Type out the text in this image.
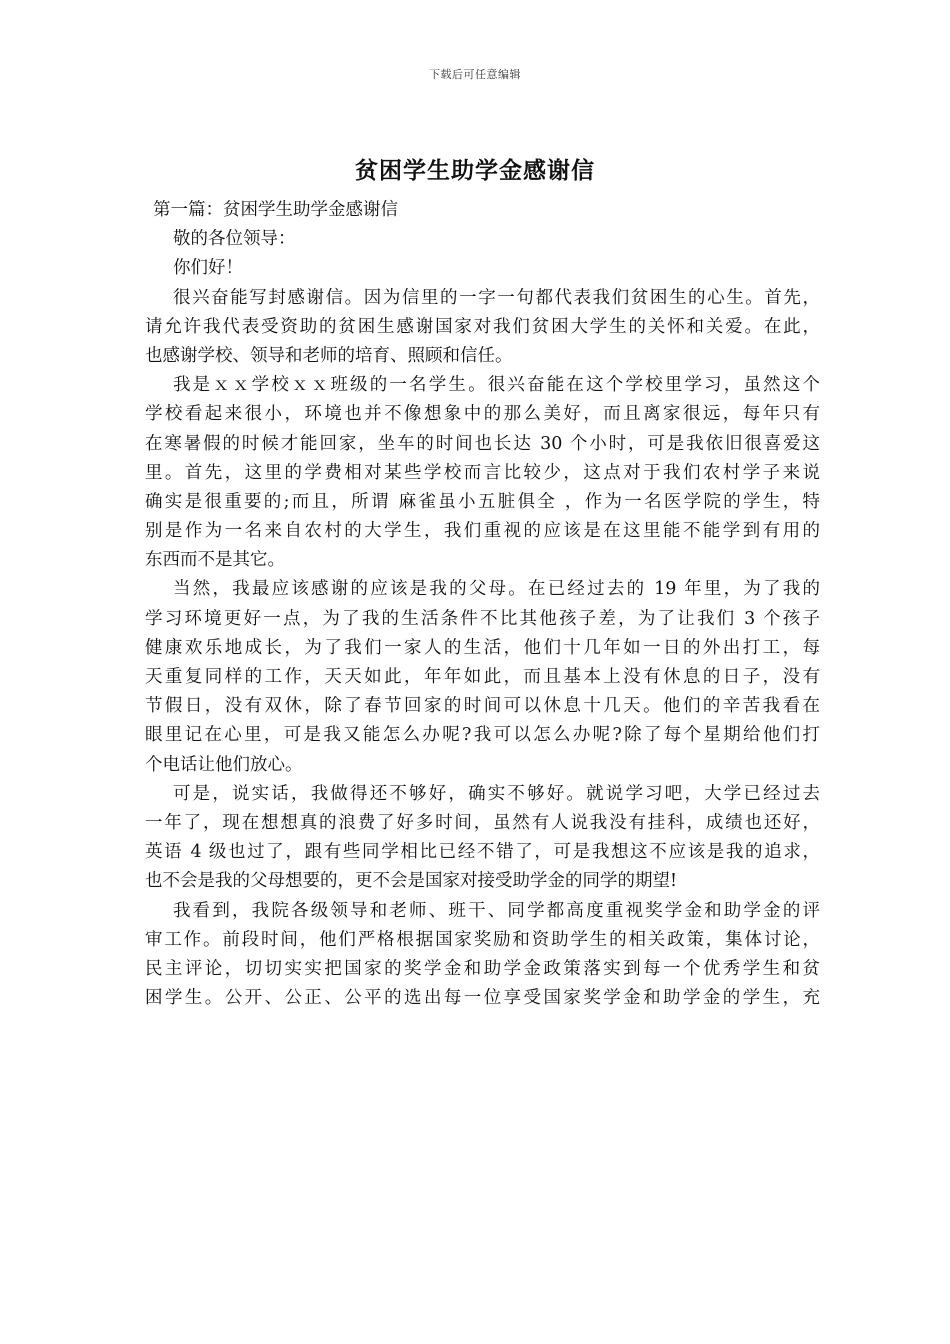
下载后可任意编辑
贫困学生助学金感谢信
第一篇：贫困学生助学金感谢信
敬的各位领导：
你们好！
很兴奋能写封感谢信。因为信里的一字一句都代表我们贫困生的心生。首先，
请允许我代表受资助的贫困生感谢国家对我们贫困大学生的关怀和关爱。在此，
也感谢学校、领导和老师的培育、照顾和信任。
我是ｘｘ学校ｘｘ班级的一名学生。很兴奋能在这个学校里学习，虽然这个
学校看起来很小，环境也并不像想象中的那么美好，而且离家很远，每年只有
在寒暑假的时候才能回家，坐车的时间也长达 30 个小时，可是我依旧很喜爱这
里。首先，这里的学费相对某些学校而言比较少，这点对于我们农村学子来说
确实是很重要的;而且，所谓 麻雀虽小五脏俱全 ，作为一名医学院的学生，特
别是作为一名来自农村的大学生，我们重视的应该是在这里能不能学到有用的
东西而不是其它。
当然，我最应该感谢的应该是我的父母。在已经过去的 19 年里，为了我的
学习环境更好一点，为了我的生活条件不比其他孩子差，为了让我们 3 个孩子
健康欢乐地成长，为了我们一家人的生活，他们十几年如一日的外出打工，每
天重复同样的工作，天天如此，年年如此，而且基本上没有休息的日子，没有
节假日，没有双休，除了春节回家的时间可以休息十几天。他们的辛苦我看在
眼里记在心里，可是我又能怎么办呢?我可以怎么办呢?除了每个星期给他们打
个电话让他们放心。
可是，说实话，我做得还不够好，确实不够好。就说学习吧，大学已经过去
一年了，现在想想真的浪费了好多时间，虽然有人说我没有挂科，成绩也还好，
英语 4 级也过了，跟有些同学相比已经不错了，可是我想这不应该是我的追求，
也不会是我的父母想要的，更不会是国家对接受助学金的同学的期望!
我看到，我院各级领导和老师、班干、同学都高度重视奖学金和助学金的评
审工作。前段时间，他们严格根据国家奖励和资助学生的相关政策，集体讨论，
民主评论，切切实实把国家的奖学金和助学金政策落实到每一个优秀学生和贫
困学生。公开、公正、公平的选出每一位享受国家奖学金和助学金的学生，充
